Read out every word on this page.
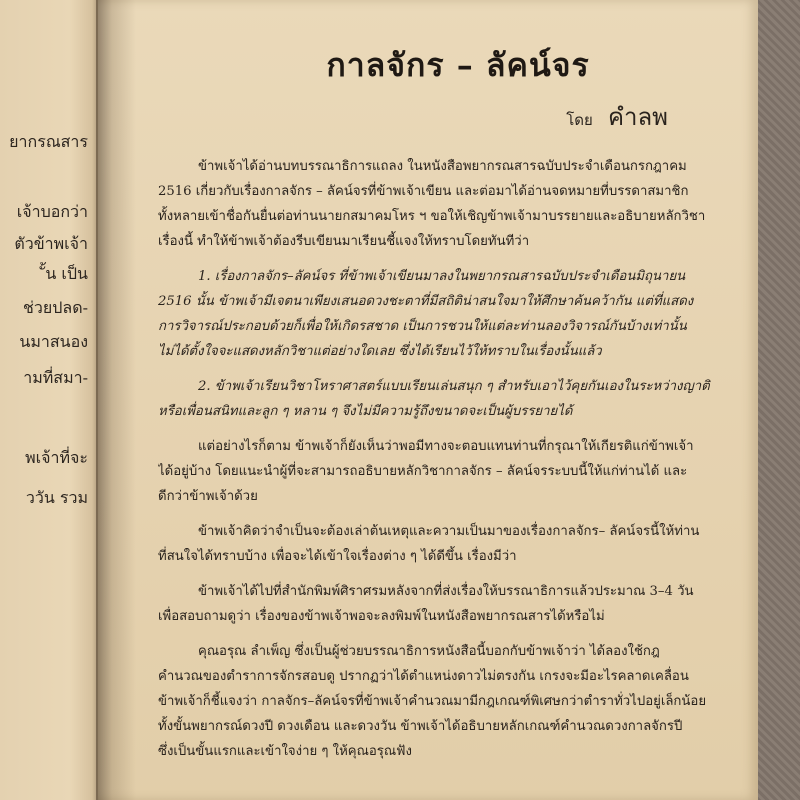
ยากรณสาร
เจ้าบอกว่า
ตัวข้าพเจ้า
ั้น เป็น
ช่วยปลด-
นมาสนอง
ามที่สมา-
พเจ้าที่จะ
ววัน รวม
กาลจักร – ลัคน์จร
โดย คำลพ
ข้าพเจ้าได้อ่านบทบรรณาธิการแถลง ในหนังสือพยากรณสารฉบับประจำเดือนกรกฎาคม
2516 เกี่ยวกับเรื่องกาลจักร – ลัคน์จรที่ข้าพเจ้าเขียน และต่อมาได้อ่านจดหมายที่บรรดาสมาชิก
ทั้งหลายเข้าชื่อกันยื่นต่อท่านนายกสมาคมโหร ฯ ขอให้เชิญข้าพเจ้ามาบรรยายและอธิบายหลักวิชา
เรื่องนี้ ทำให้ข้าพเจ้าต้องรีบเขียนมาเรียนชี้แจงให้ทราบโดยทันทีว่า
1. เรื่องกาลจักร–ลัคน์จร ที่ข้าพเจ้าเขียนมาลงในพยากรณสารฉบับประจำเดือนมิถุนายน
2516 นั้น ข้าพเจ้ามีเจตนาเพียงเสนอดวงชะตาที่มีสถิติน่าสนใจมาให้ศึกษาค้นคว้ากัน แต่ที่แสดง
การวิจารณ์ประกอบด้วยก็เพื่อให้เกิดรสชาด เป็นการชวนให้แต่ละท่านลองวิจารณ์กันบ้างเท่านั้น
ไม่ได้ตั้งใจจะแสดงหลักวิชาแต่อย่างใดเลย ซึ่งได้เรียนไว้ให้ทราบในเรื่องนั้นแล้ว
2. ข้าพเจ้าเรียนวิชาโหราศาสตร์แบบเรียนเล่นสนุก ๆ สำหรับเอาไว้คุยกันเองในระหว่างญาติ
หรือเพื่อนสนิทและลูก ๆ หลาน ๆ จึงไม่มีความรู้ถึงขนาดจะเป็นผู้บรรยายได้
แต่อย่างไรก็ตาม ข้าพเจ้าก็ยังเห็นว่าพอมีทางจะตอบแทนท่านที่กรุณาให้เกียรติแก่ข้าพเจ้า
ได้อยู่บ้าง โดยแนะนำผู้ที่จะสามารถอธิบายหลักวิชากาลจักร – ลัคน์จรระบบนี้ให้แก่ท่านได้ และ
ดีกว่าข้าพเจ้าด้วย
ข้าพเจ้าคิดว่าจำเป็นจะต้องเล่าต้นเหตุและความเป็นมาของเรื่องกาลจักร– ลัคน์จรนี้ให้ท่าน
ที่สนใจได้ทราบบ้าง เพื่อจะได้เข้าใจเรื่องต่าง ๆ ได้ดีขึ้น เรื่องมีว่า
ข้าพเจ้าได้ไปที่สำนักพิมพ์ศิราศรมหลังจากที่ส่งเรื่องให้บรรณาธิการแล้วประมาณ 3–4 วัน
เพื่อสอบถามดูว่า เรื่องของข้าพเจ้าพอจะลงพิมพ์ในหนังสือพยากรณสารได้หรือไม่
คุณอรุณ ลำเพ็ญ ซึ่งเป็นผู้ช่วยบรรณาธิการหนังสือนี้บอกกับข้าพเจ้าว่า ได้ลองใช้กฎ
คำนวณของตำราการจักรสอบดู ปรากฏว่าได้ตำแหน่งดาวไม่ตรงกัน เกรงจะมีอะไรคลาดเคลื่อน
ข้าพเจ้าก็ชี้แจงว่า กาลจักร–ลัคน์จรที่ข้าพเจ้าคำนวณมามีกฎเกณฑ์พิเศษกว่าตำราทั่วไปอยู่เล็กน้อย
ทั้งขั้นพยากรณ์ดวงปี ดวงเดือน และดวงวัน ข้าพเจ้าได้อธิบายหลักเกณฑ์คำนวณดวงกาลจักรปี
ซึ่งเป็นขั้นแรกและเข้าใจง่าย ๆ ให้คุณอรุณฟัง
